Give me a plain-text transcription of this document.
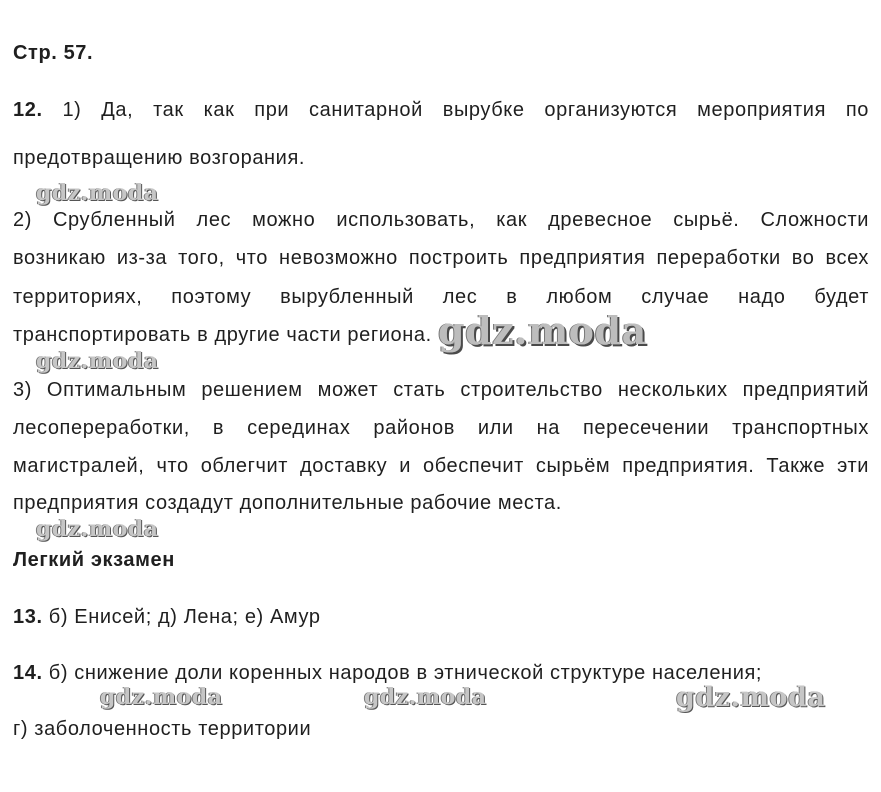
Стр. 57.
12. 1) Да, так как при санитарной вырубке организуются мероприятия по
предотвращению возгорания.
gdz.moda
2) Срубленный лес можно использовать, как древесное сырьё. Сложности
возникаю из-за того, что невозможно построить предприятия переработки во всех
территориях, поэтому вырубленный лес в любом случае надо будет
транспортировать в другие части региона. gdz.moda
gdz.moda
3) Оптимальным решением может стать строительство нескольких предприятий
лесопереработки, в серединах районов или на пересечении транспортных
магистралей, что облегчит доставку и обеспечит сырьём предприятия. Также эти
предприятия создадут дополнительные рабочие места.
gdz.moda
Легкий экзамен
13. б) Енисей; д) Лена; е) Амур
14. б) снижение доли коренных народов в этнической структуре населения;
gdz.moda	gdz.moda	gdz.moda
г) заболоченность территории
